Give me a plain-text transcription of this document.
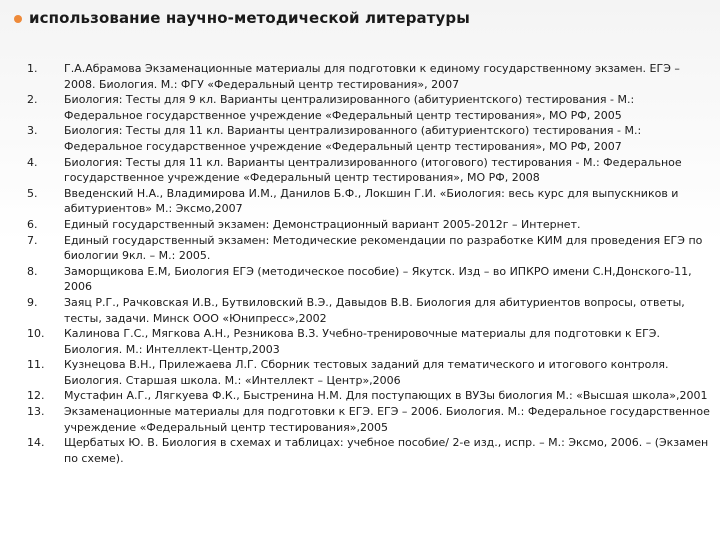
использование научно-методической литературы
1.	Г.А.Абрамова Экзаменационные материалы для подготовки к единому государственному экзамен. ЕГЭ – 2008. Биология. М.: ФГУ «Федеральный центр тестирования», 2007
2.	Биология: Тесты для 9 кл. Варианты централизированного (абитуриентского) тестирования - М.: Федеральное государственное учреждение «Федеральный центр тестирования», МО РФ, 2005
3.	Биология: Тесты для 11 кл. Варианты централизированного (абитуриентского) тестирования - М.: Федеральное государственное учреждение «Федеральный центр тестирования», МО РФ, 2007
4.	Биология: Тесты для 11 кл. Варианты централизированного (итогового) тестирования - М.: Федеральное государственное учреждение «Федеральный центр тестирования», МО РФ, 2008
5.	Введенский Н.А., Владимирова И.М., Данилов Б.Ф., Локшин Г.И. «Биология: весь курс для выпускников и абитуриентов» М.: Эксмо,2007
6.	Единый государственный экзамен: Демонстрационный вариант 2005-2012г – Интернет.
7.	Единый государственный экзамен: Методические рекомендации по разработке КИМ для проведения ЕГЭ по биологии 9кл. – М.: 2005.
8.	Заморщикова Е.М, Биология ЕГЭ (методическое пособие) – Якутск. Изд – во ИПКРО имени С.Н,Донского-11, 2006
9.	Заяц Р.Г., Рачковская И.В., Бутвиловский В.Э., Давыдов В.В. Биология для абитуриентов вопросы, ответы, тесты, задачи. Минск ООО «Юнипресс»,2002
10.	Калинова Г.С., Мягкова А.Н., Резникова В.З. Учебно-тренировочные материалы для подготовки к ЕГЭ. Биология. М.: Интеллект-Центр,2003
11.	Кузнецова В.Н., Прилежаева Л.Г. Сборник тестовых заданий для тематического и итогового контроля. Биология. Старшая школа. М.: «Интеллект – Центр»,2006
12.	Мустафин А.Г., Лягкуева Ф.К., Быстренина Н.М. Для поступающих в ВУЗы биология М.: «Высшая школа»,2001
13.	Экзаменационные материалы для подготовки к ЕГЭ. ЕГЭ – 2006. Биология. М.: Федеральное государственное учреждение «Федеральный центр тестирования»,2005
14.	Щербатых Ю. В. Биология в схемах и таблицах: учебное пособие/ 2-е изд., испр. – М.: Эксмо, 2006. – (Экзамен по схеме).
